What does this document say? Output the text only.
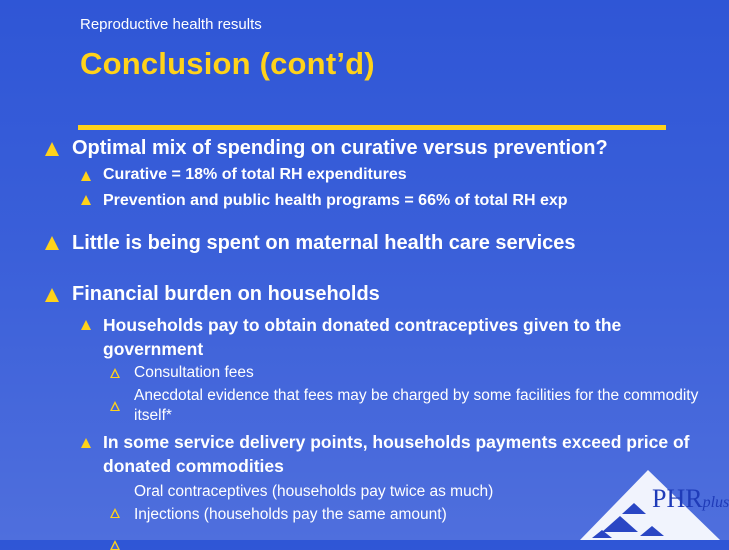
Reproductive health results
Conclusion (cont’d)
Optimal mix of spending on curative versus prevention?
Curative = 18% of total RH expenditures
Prevention and public health programs = 66% of total RH exp
Little is being spent on maternal health care services
Financial burden on households
Households pay to obtain donated contraceptives given to the government
Consultation fees
Anecdotal evidence that fees may be charged by some facilities for the commodity itself*
In some service delivery points, households payments exceed price of donated commodities
Oral contraceptives (households pay twice as much)
Injections (households pay the same amount)
PHRplus
